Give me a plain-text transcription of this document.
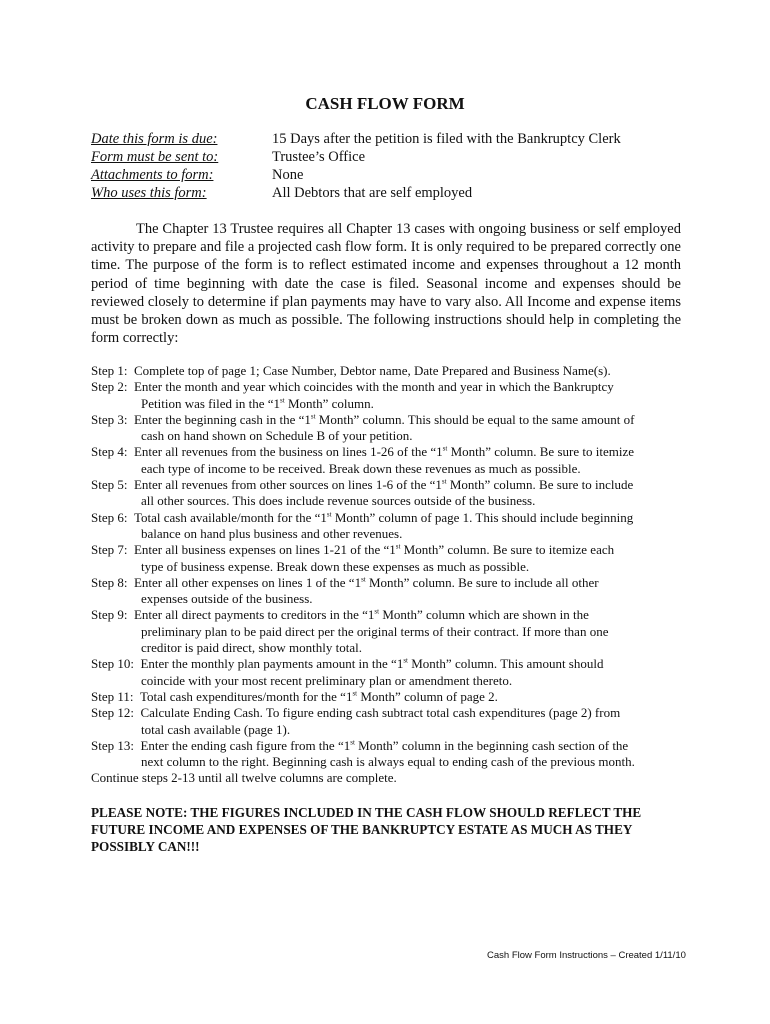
CASH FLOW FORM
Date this form is due:	15 Days after the petition is filed with the Bankruptcy Clerk
Form must be sent to:	Trustee’s Office
Attachments to form:	None
Who uses this form:	All Debtors that are self employed

The Chapter 13 Trustee requires all Chapter 13 cases with ongoing business or self employed activity to prepare and file a projected cash flow form. It is only required to be prepared correctly one time. The purpose of the form is to reflect estimated income and expenses throughout a 12 month period of time beginning with date the case is filed. Seasonal income and expenses should be reviewed closely to determine if plan payments may have to vary also. All Income and expense items must be broken down as much as possible. The following instructions should help in completing the form correctly:

Step 1: Complete top of page 1; Case Number, Debtor name, Date Prepared and Business Name(s).
Step 2: Enter the month and year which coincides with the month and year in which the Bankruptcy
Petition was filed in the “1st Month” column.
Step 3: Enter the beginning cash in the “1st Month” column. This should be equal to the same amount of
cash on hand shown on Schedule B of your petition.
Step 4: Enter all revenues from the business on lines 1-26 of the “1st Month” column. Be sure to itemize
each type of income to be received. Break down these revenues as much as possible.
Step 5: Enter all revenues from other sources on lines 1-6 of the “1st Month” column. Be sure to include
all other sources. This does include revenue sources outside of the business.
Step 6: Total cash available/month for the “1st Month” column of page 1. This should include beginning
balance on hand plus business and other revenues.
Step 7: Enter all business expenses on lines 1-21 of the “1st Month” column. Be sure to itemize each
type of business expense. Break down these expenses as much as possible.
Step 8: Enter all other expenses on lines 1 of the “1st Month” column. Be sure to include all other
expenses outside of the business.
Step 9: Enter all direct payments to creditors in the “1st Month” column which are shown in the
preliminary plan to be paid direct per the original terms of their contract. If more than one
creditor is paid direct, show monthly total.
Step 10: Enter the monthly plan payments amount in the “1st Month” column. This amount should
coincide with your most recent preliminary plan or amendment thereto.
Step 11: Total cash expenditures/month for the “1st Month” column of page 2.
Step 12: Calculate Ending Cash. To figure ending cash subtract total cash expenditures (page 2) from
total cash available (page 1).
Step 13: Enter the ending cash figure from the “1st Month” column in the beginning cash section of the
next column to the right. Beginning cash is always equal to ending cash of the previous month.
Continue steps 2-13 until all twelve columns are complete.
PLEASE NOTE: THE FIGURES INCLUDED IN THE CASH FLOW SHOULD REFLECT THE FUTURE INCOME AND EXPENSES OF THE BANKRUPTCY ESTATE AS MUCH AS THEY POSSIBLY CAN!!!
Cash Flow Form Instructions – Created 1/11/10
